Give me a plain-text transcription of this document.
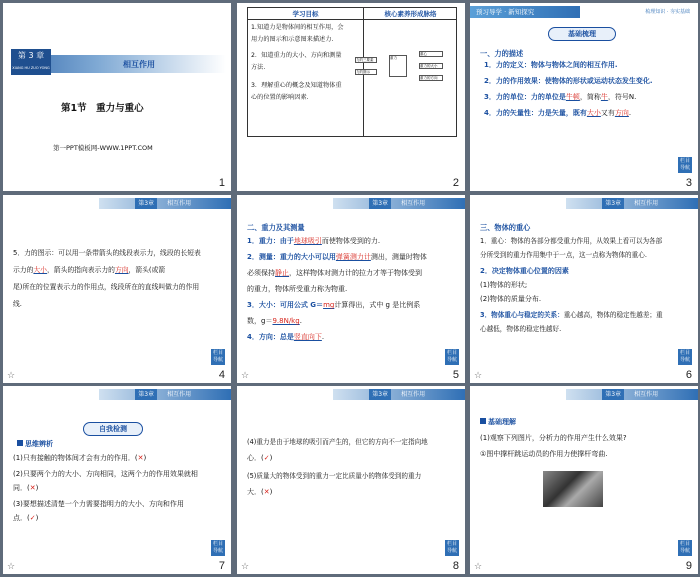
第 3 章
XIANG HU ZUO YONG	相互作用
第1节　重力与重心
第一PPT模板网-WWW.1PPT.COM
1
学习目标	核心素养形成脉络
1.知道力是物体间的相互作用，会
用力的图示和示意图来描述力.
2．知道重力的大小、方向和测量
方法.
3．理解重心的概念及知道物体重
心的位置的影响因素.
力的三要素
力的图示
重力
重心
重力的大小
重力的方向
2
预习导学 · 新知探究	梳理知识 · 夯实基础
基础梳理
一、力的描述
1．力的定义：物体与物体之间的相互作用.
2．力的作用效果：使物体的形状或运动状态发生变化.
3．力的单位：力的单位是牛顿，简称牛，符号N.
4．力的矢量性：力是矢量，既有大小又有方向.
栏目导航
3
第3章	相互作用
5．力的图示：可以用一条带箭头的线段表示力，线段的长短表
示力的大小，箭头的指向表示力的方向，箭头(或箭
尾)所在的位置表示力的作用点，线段所在的直线叫做力的作用
线.
栏目导航
☆	4
第3章	相互作用
二、重力及其测量
1．重力：由于地球吸引而使物体受到的力.
2．测量：重力的大小可以用弹簧测力计测出，测量时物体
必须保持静止，这样物体对测力计的拉力才等于物体受到
的重力，物体所受重力称为物重.
3．大小：可用公式 G＝mg计算得出，式中 g 是比例系
数，g＝9.8N/kg.
4．方向：总是竖直向下.
栏目导航
☆	5
第3章	相互作用
三、物体的重心
1．重心：物体的各部分都受重力作用，从效果上看可以为各部
分所受到的重力作用集中于一点，这一点称为物体的重心.
2．决定物体重心位置的因素
(1)物体的形状;
(2)物体的质量分布.
3．物体重心与稳定的关系：重心越高，物体的稳定性越差；重
心越低，物体的稳定性越好.
栏目导航
☆	6
第3章	相互作用
自我检测
思维辨析
(1)只有接触的物体间才会有力的作用．(✕)
(2)只要两个力的大小、方向相同，这两个力的作用效果就相
同．(✕)
(3)要想描述清楚一个力需要指明力的大小、方向和作用
点．(✓)
栏目导航
☆	7
第3章	相互作用
(4)重力是由于地球的吸引而产生的，但它的方向不一定指向地
心．(✓)
(5)质量大的物体受到的重力一定比质量小的物体受到的重力
大．(✕)
栏目导航
☆	8
第3章	相互作用
基础理解
(1)观察下列图片，分析力的作用产生什么效果?
①图中撑杆跳运动员的作用力使撑杆弯曲.
栏目导航
☆	9
